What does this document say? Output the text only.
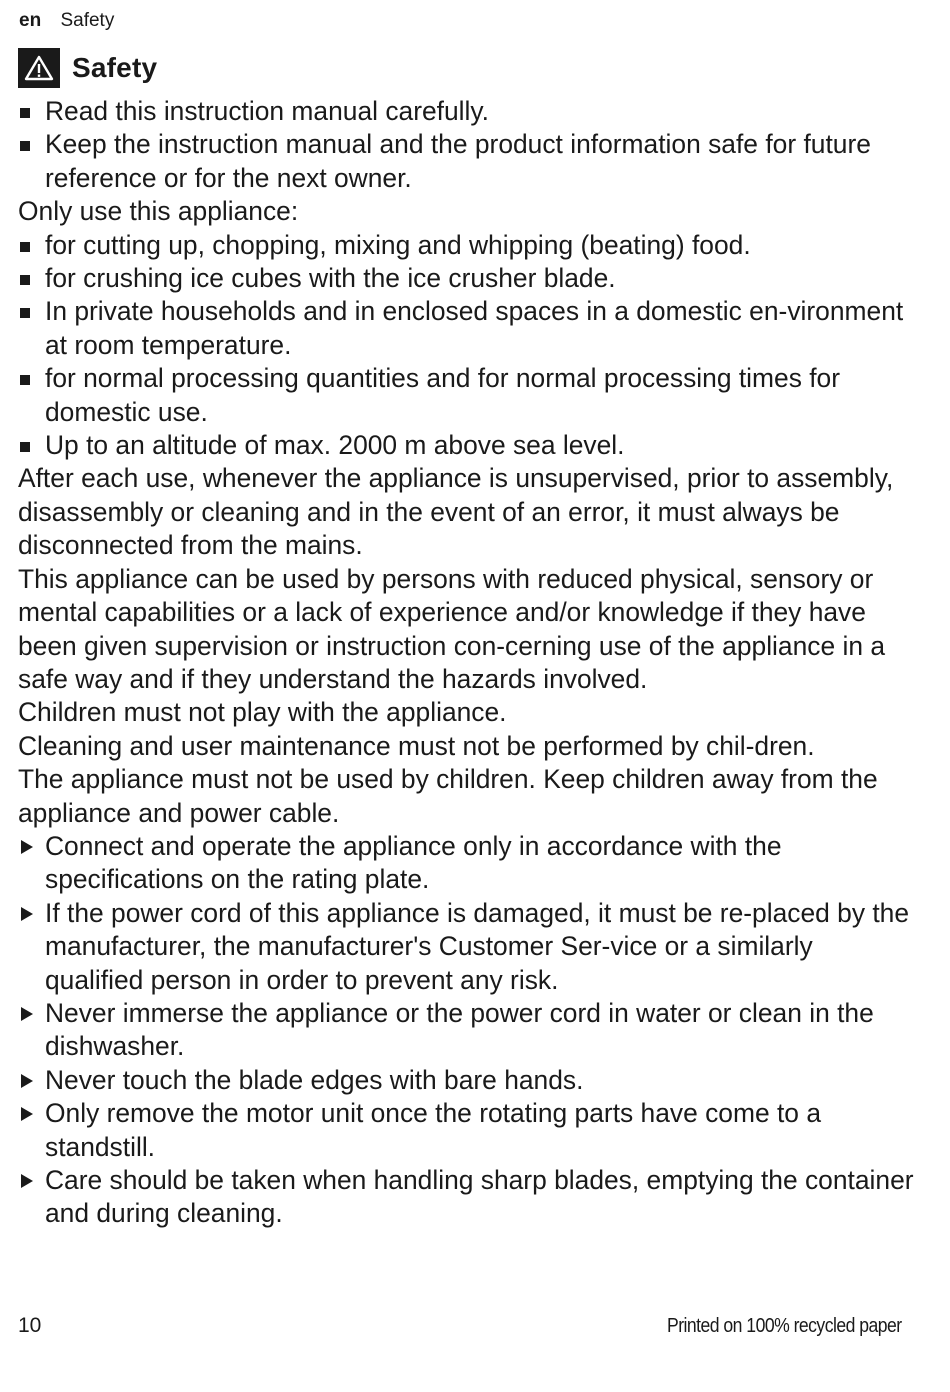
en Safety
Safety
Read this instruction manual carefully.
Keep the instruction manual and the product information safe for future reference or for the next owner.

Only use this appliance:

for cutting up, chopping, mixing and whipping (beating) food.
for crushing ice cubes with the ice crusher blade.
In private households and in enclosed spaces in a domestic en-vironment at room temperature.
for normal processing quantities and for normal processing times for domestic use.
Up to an altitude of max. 2000 m above sea level.

After each use, whenever the appliance is unsupervised, prior to assembly, disassembly or cleaning and in the event of an error, it must always be disconnected from the mains.

This appliance can be used by persons with reduced physical, sensory or mental capabilities or a lack of experience and/or knowledge if they have been given supervision or instruction con-cerning use of the appliance in a safe way and if they understand the hazards involved.

Children must not play with the appliance.

Cleaning and user maintenance must not be performed by chil-dren.

The appliance must not be used by children. Keep children away from the appliance and power cable.

Connect and operate the appliance only in accordance with the specifications on the rating plate.
If the power cord of this appliance is damaged, it must be re-placed by the manufacturer, the manufacturer's Customer Ser-vice or a similarly qualified person in order to prevent any risk.
Never immerse the appliance or the power cord in water or clean in the dishwasher.
Never touch the blade edges with bare hands.
Only remove the motor unit once the rotating parts have come to a standstill.
Care should be taken when handling sharp blades, emptying the container and during cleaning.
10	Printed on 100% recycled paper
